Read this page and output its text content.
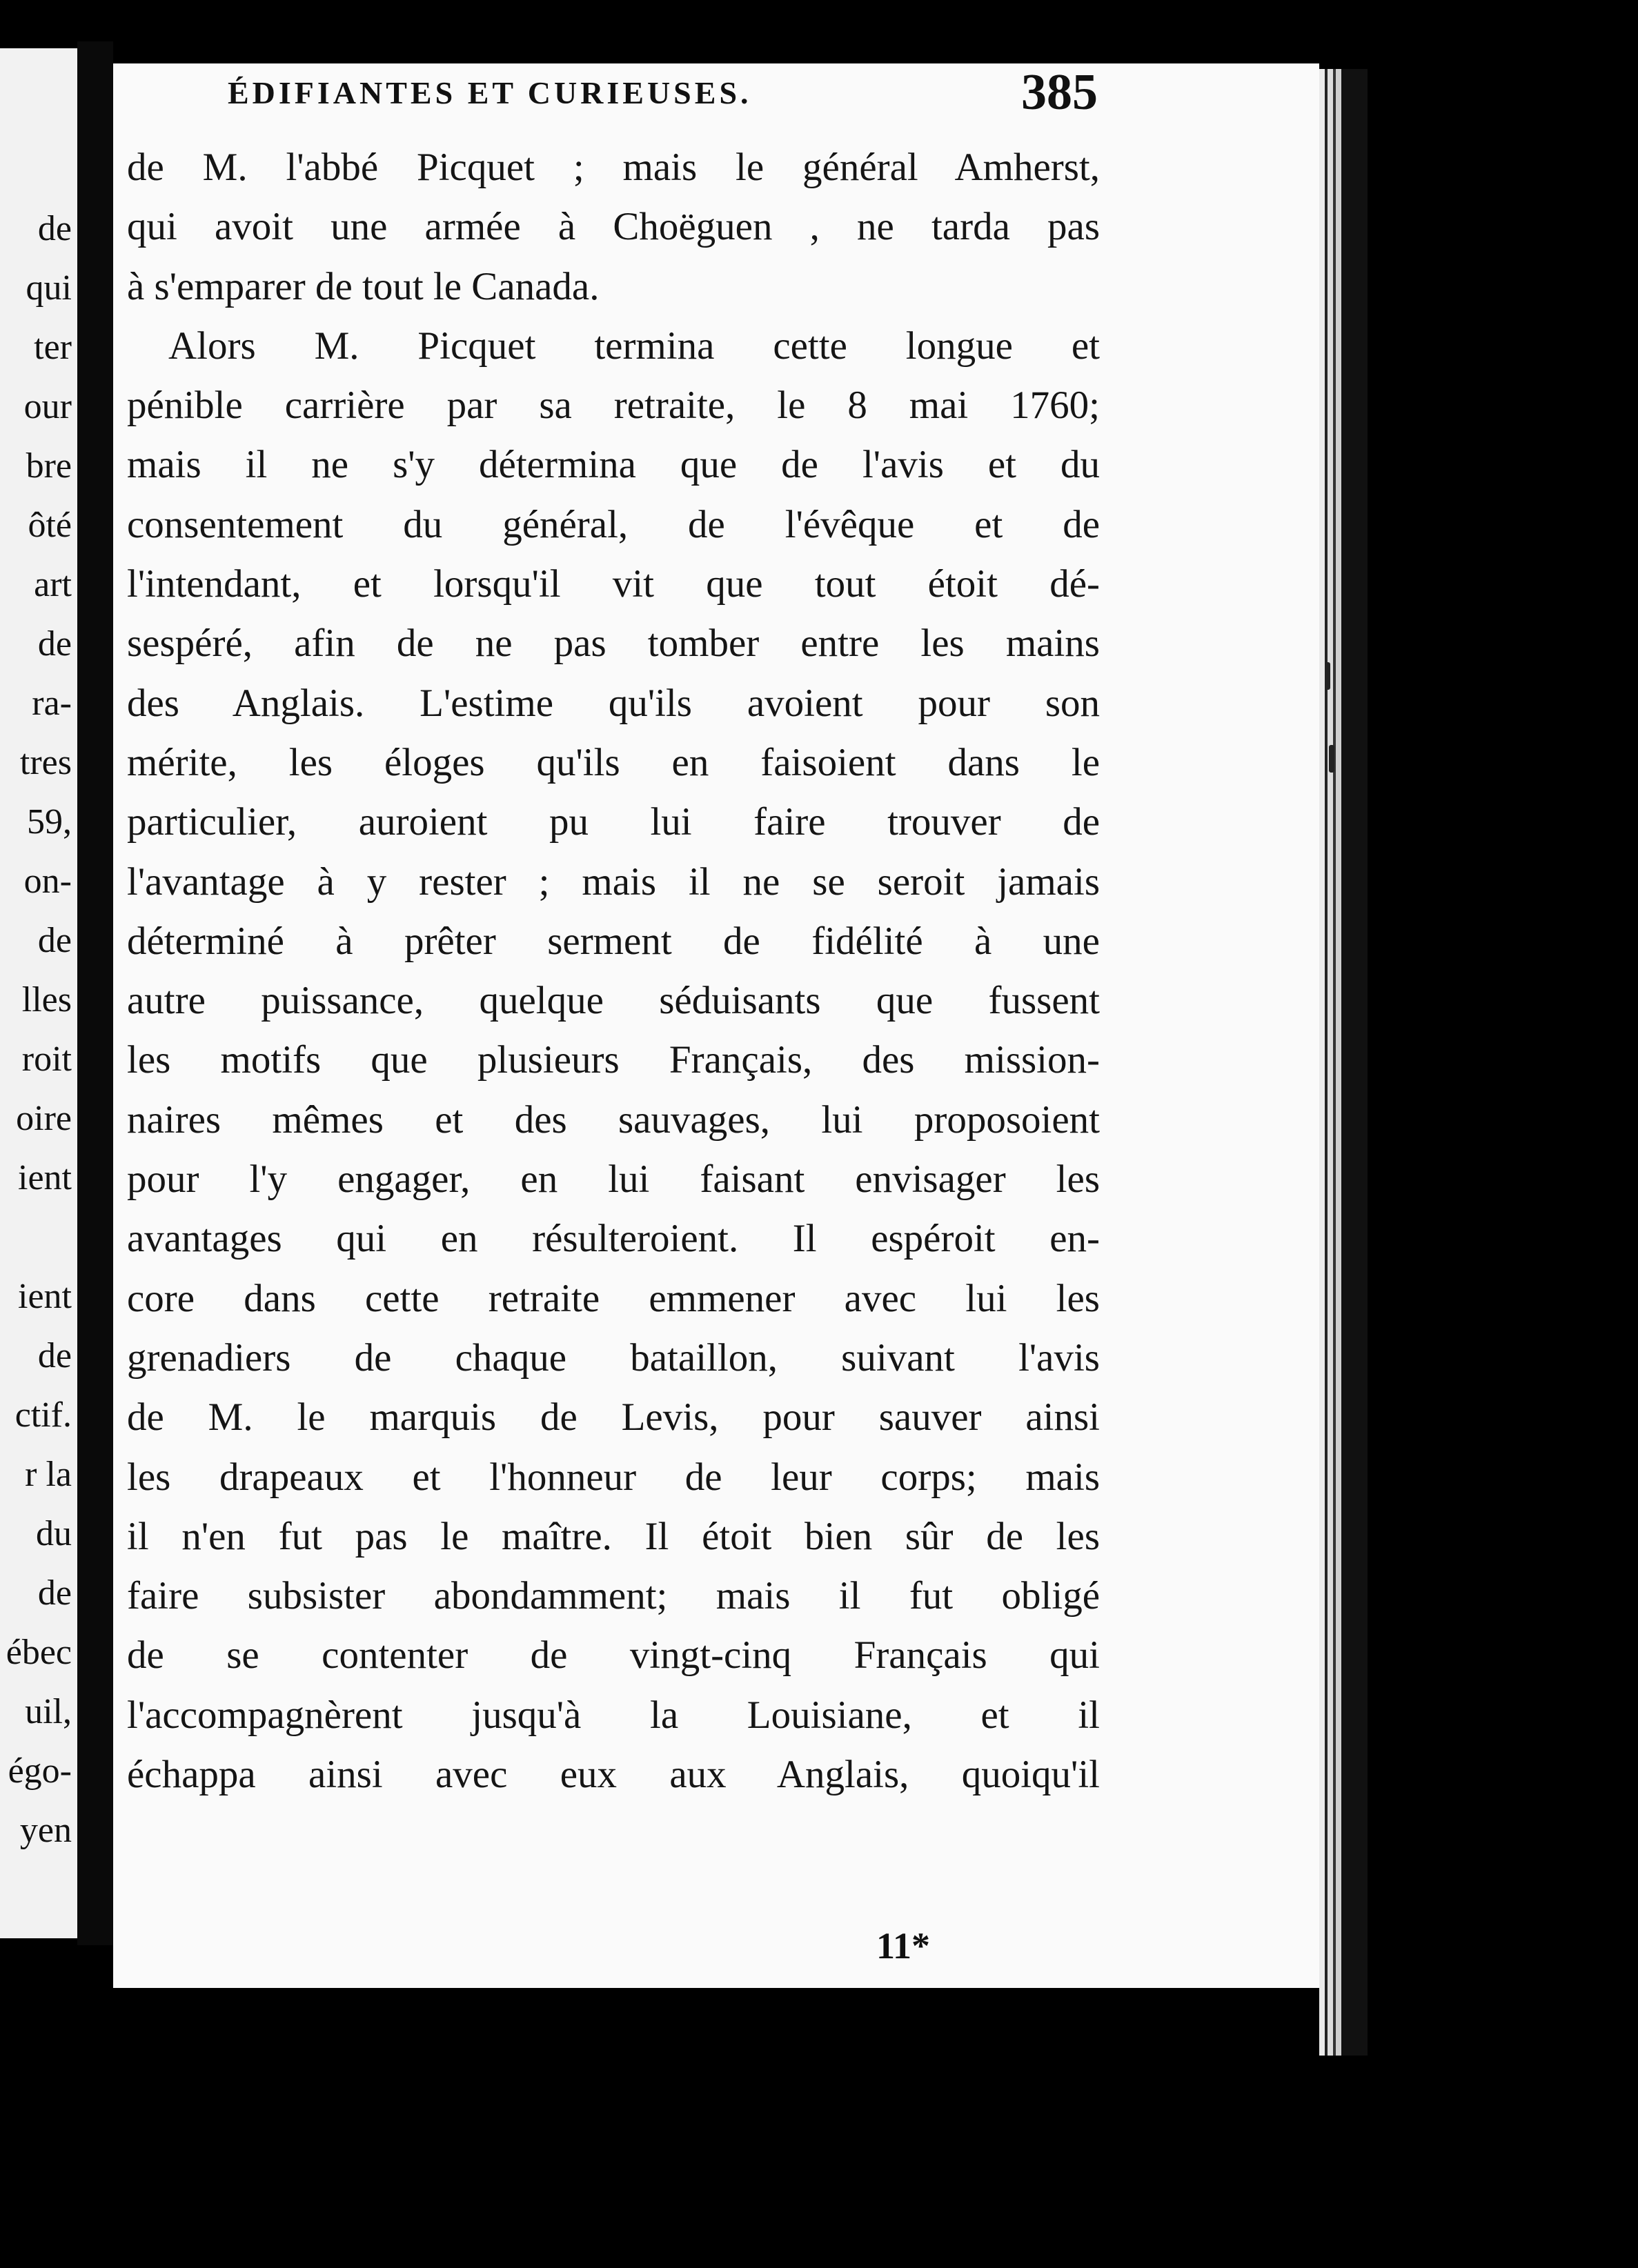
de
qui
ter
our
bre
ôté
art
de
ra-
tres
59,
on-
de
lles
roit
oire
ient
ient
de
ctif.
r la
du
de
ébec
uil,
égo-
yen
ÉDIFIANTES ET CURIEUSES.	385
de M. l'abbé Picquet ; mais le général Amherst,
qui avoit une armée à Choëguen , ne tarda pas
à s'emparer de tout le Canada.
Alors M. Picquet termina cette longue et
pénible carrière par sa retraite, le 8 mai 1760;
mais il ne s'y détermina que de l'avis et du
consentement du général, de l'évêque et de
l'intendant, et lorsqu'il vit que tout étoit dé-
sespéré, afin de ne pas tomber entre les mains
des Anglais. L'estime qu'ils avoient pour son
mérite, les éloges qu'ils en faisoient dans le
particulier, auroient pu lui faire trouver de
l'avantage à y rester ; mais il ne se seroit jamais
déterminé à prêter serment de fidélité à une
autre puissance, quelque séduisants que fussent
les motifs que plusieurs Français, des mission-
naires mêmes et des sauvages, lui proposoient
pour l'y engager, en lui faisant envisager les
avantages qui en résulteroient. Il espéroit en-
core dans cette retraite emmener avec lui les
grenadiers de chaque bataillon, suivant l'avis
de M. le marquis de Levis, pour sauver ainsi
les drapeaux et l'honneur de leur corps; mais
il n'en fut pas le maître. Il étoit bien sûr de les
faire subsister abondamment; mais il fut obligé
de se contenter de vingt-cinq Français qui
l'accompagnèrent jusqu'à la Louisiane, et il
échappa ainsi avec eux aux Anglais, quoiqu'il
11*
